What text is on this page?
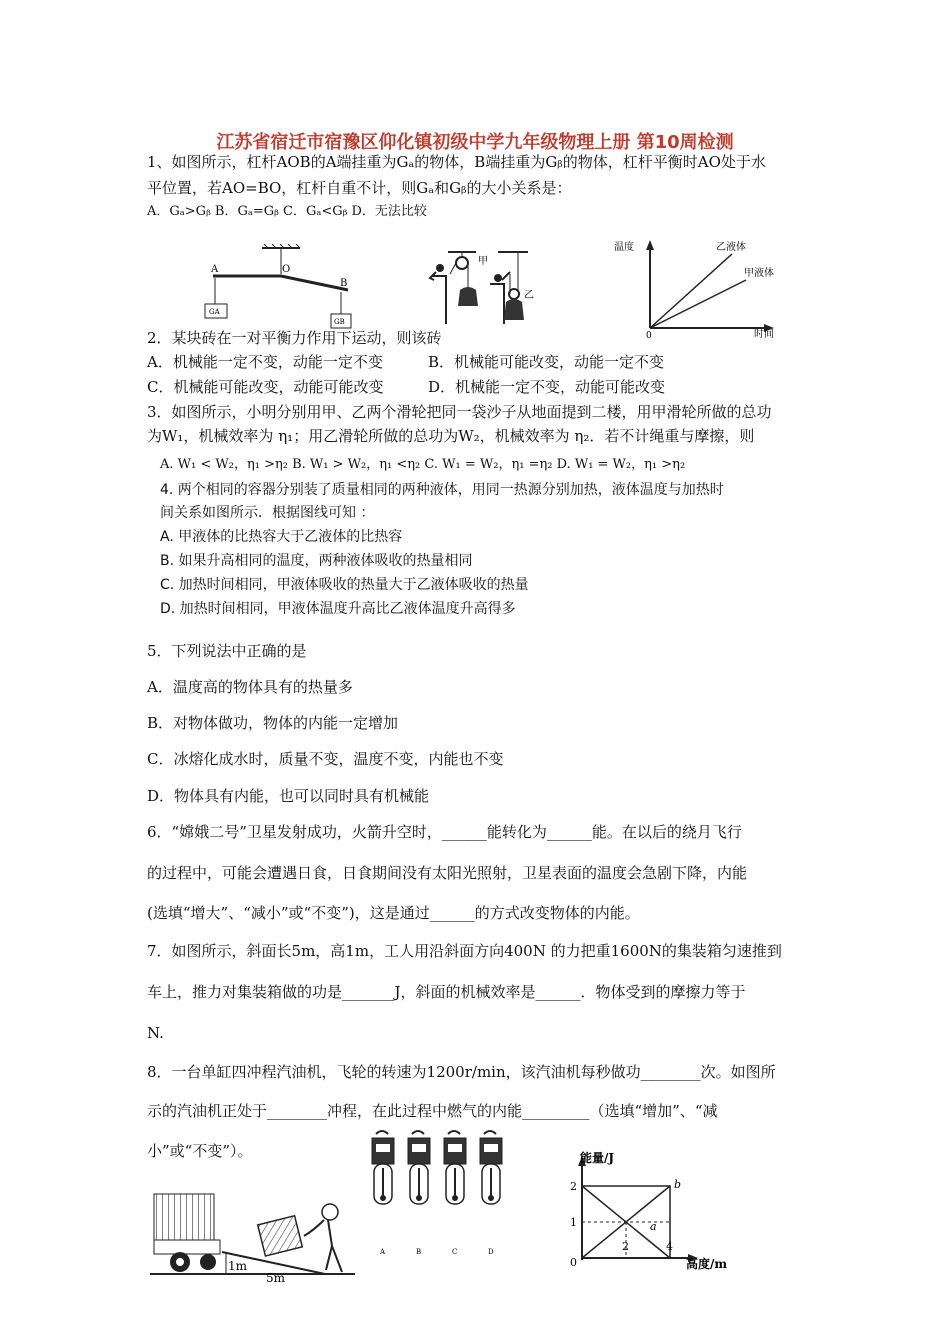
江苏省宿迁市宿豫区仰化镇初级中学九年级物理上册 第10周检测
1、如图所示，杠杆AOB的A端挂重为Gₐ的物体，B端挂重为Gᵦ的物体，杠杆平衡时AO处于水
平位置，若AO=BO，杠杆自重不计，则Gₐ和Gᵦ的大小关系是：
A．Gₐ>Gᵦ B．Gₐ=Gᵦ C．Gₐ<Gᵦ D．无法比较
A	O
B
GA
GB
甲
乙
温度
时间
乙液体
甲液体
0
2．某块砖在一对平衡力作用下运动，则该砖
A．机械能一定不变，动能一定不变	B．机械能可能改变，动能一定不变
C．机械能可能改变，动能可能改变	D．机械能一定不变，动能可能改变
3．如图所示，小明分别用甲、乙两个滑轮把同一袋沙子从地面提到二楼，用甲滑轮所做的总功
为W₁，机械效率为 η₁；用乙滑轮所做的总功为W₂，机械效率为 η₂．若不计绳重与摩擦，则
A. W₁ < W₂，η₁ >η₂ B. W₁ > W₂，η₁ <η₂ C. W₁ = W₂，η₁ =η₂ D. W₁ = W₂，η₁ >η₂
4. 两个相同的容器分别装了质量相同的两种液体，用同一热源分别加热，液体温度与加热时
间关系如图所示．根据图线可知 ：
A. 甲液体的比热容大于乙液体的比热容
B. 如果升高相同的温度，两种液体吸收的热量相同
C. 加热时间相同，甲液体吸收的热量大于乙液体吸收的热量
D. 加热时间相同，甲液体温度升高比乙液体温度升高得多
5．下列说法中正确的是
A．温度高的物体具有的热量多
B．对物体做功，物体的内能一定增加
C．冰熔化成水时，质量不变，温度不变，内能也不变
D．物体具有内能，也可以同时具有机械能
6．“嫦娥二号”卫星发射成功，火箭升空时，______能转化为______能。在以后的绕月飞行
的过程中，可能会遭遇日食，日食期间没有太阳光照射，卫星表面的温度会急剧下降，内能
(选填“增大”、“减小”或“不变”)，这是通过______的方式改变物体的内能。
7．如图所示，斜面长5m，高1m，工人用沿斜面方向400N 的力把重1600N的集装箱匀速推到
车上，推力对集装箱做的功是_______J，斜面的机械效率是______．物体受到的摩擦力等于
N.
8．一台单缸四冲程汽油机，飞轮的转速为1200r/min，该汽油机每秒做功________次。如图所
示的汽油机正处于________冲程，在此过程中燃气的内能_________（选填“增加”、“减
小”或“不变”）。
1m
5m
A	B	C	D
能量/J
高度/m
2
1
0
2	4
b
a
